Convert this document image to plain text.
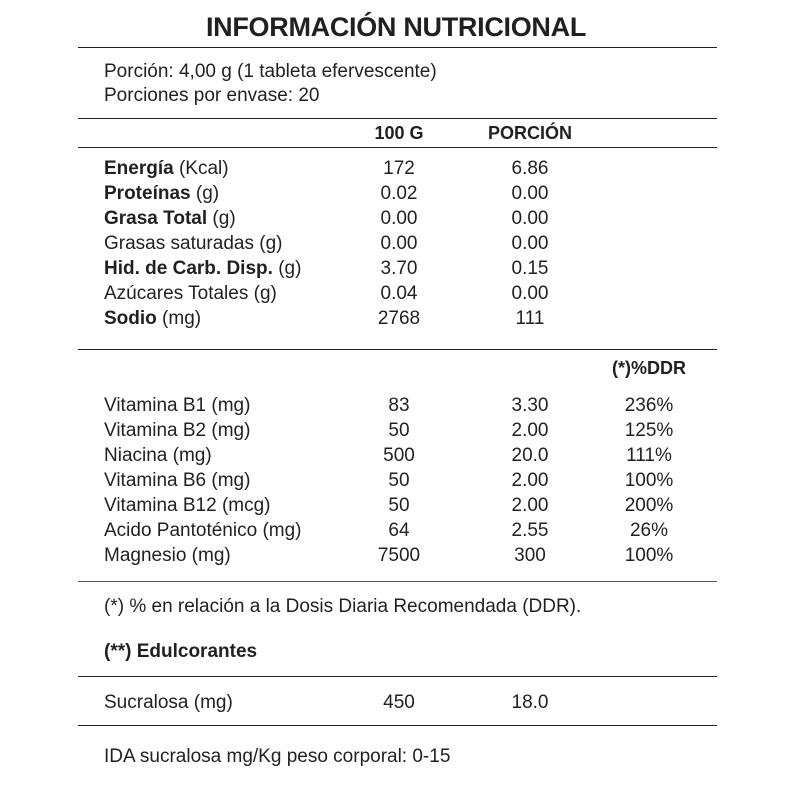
INFORMACIÓN NUTRICIONAL
Porción: 4,00 g (1 tableta efervescente)
Porciones por envase: 20
100 G	PORCIÓN
Energía (Kcal)	172	6.86
Proteínas (g)	0.02	0.00
Grasa Total (g)	0.00	0.00
Grasas saturadas (g)	0.00	0.00
Hid. de Carb. Disp. (g)	3.70	0.15
Azúcares Totales (g)	0.04	0.00
Sodio (mg)	2768	111
(*)%DDR
Vitamina B1 (mg)	83	3.30	236%
Vitamina B2 (mg)	50	2.00	125%
Niacina (mg)	500	20.0	111%
Vitamina B6 (mg)	50	2.00	100%
Vitamina B12 (mcg)	50	2.00	200%
Acido Pantoténico (mg)	64	2.55	26%
Magnesio (mg)	7500	300	100%
(*) % en relación a la Dosis Diaria Recomendada (DDR).
(**) Edulcorantes
Sucralosa (mg)	450	18.0
IDA sucralosa mg/Kg peso corporal: 0-15
